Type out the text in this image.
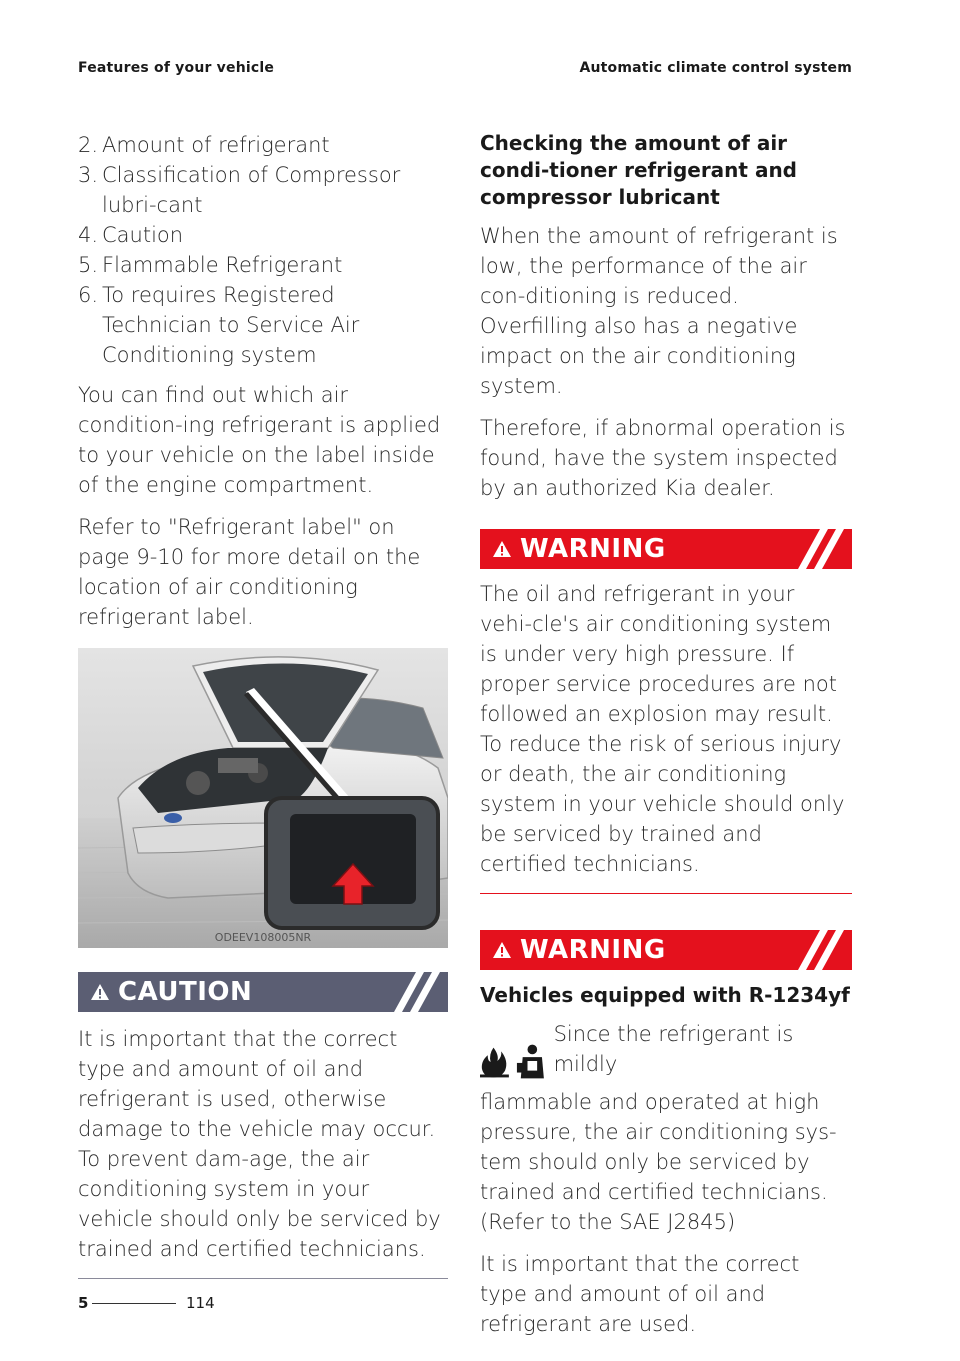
Features of your vehicle	Automatic climate control system
2. Amount of refrigerant
3. Classification of Compressor lubri-cant
4. Caution
5. Flammable Refrigerant
6. To requires Registered Technician to Service Air Conditioning system

You can find out which air condition-ing refrigerant is applied to your vehicle on the label inside of the engine compartment.

Refer to "Refrigerant label" on page 9-10 for more detail on the location of air conditioning refrigerant label.

ODEEV108005NR
CAUTION

It is important that the correct type and amount of oil and refrigerant is used, otherwise damage to the vehicle may occur. To prevent dam-age, the air conditioning system in your vehicle should only be serviced by trained and certified technicians.

Checking the amount of air condi-tioner refrigerant and compressor lubricant

When the amount of refrigerant is low, the performance of the air con-ditioning is reduced. Overfilling also has a negative impact on the air conditioning system.

Therefore, if abnormal operation is found, have the system inspected by an authorized Kia dealer.

WARNING

The oil and refrigerant in your vehi-cle's air conditioning system is under very high pressure. If proper service procedures are not followed an explosion may result. To reduce the risk of serious injury or death, the air conditioning system in your vehicle should only be serviced by trained and certified technicians.

WARNING
Vehicles equipped with R-1234yf
Since the refrigerant is mildly

flammable and operated at high pressure, the air conditioning sys-tem should only be serviced by trained and certified technicians. (Refer to the SAE J2845)

It is important that the correct type and amount of oil and refrigerant are used.

5	114
